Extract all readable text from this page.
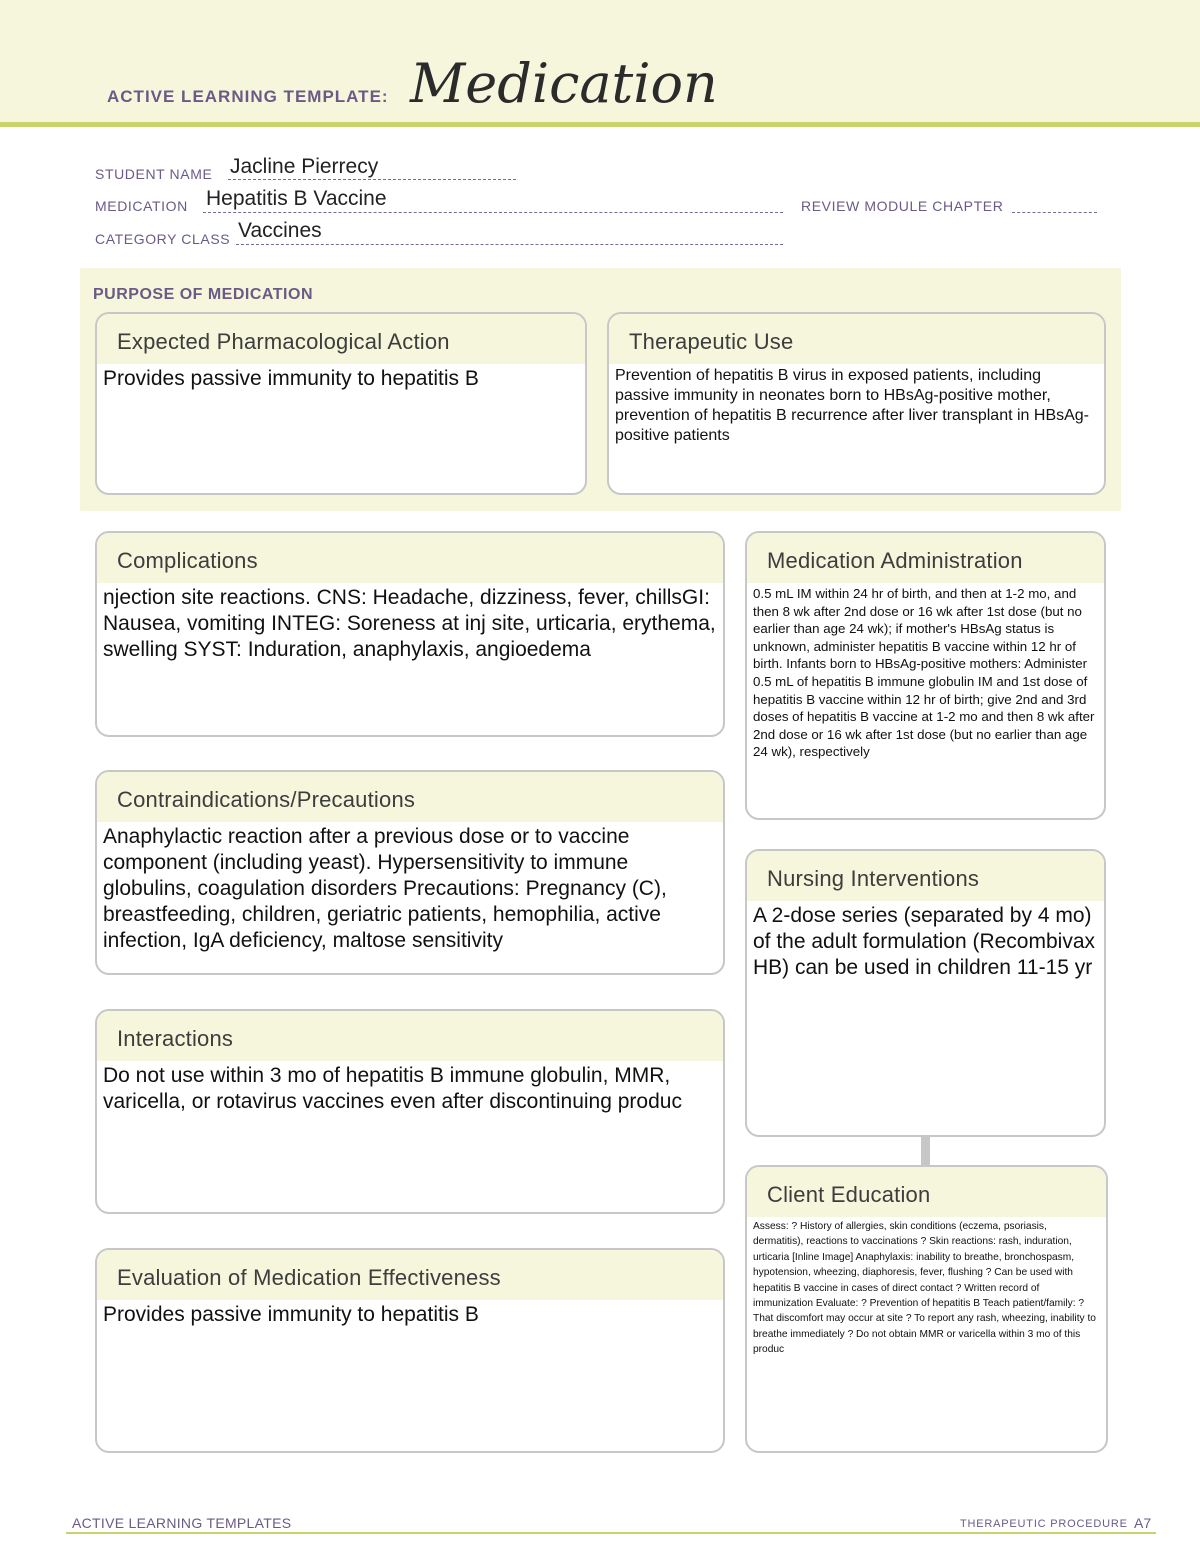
ACTIVE LEARNING TEMPLATE: Medication
STUDENT NAME Jacline Pierrecy
MEDICATION Hepatitis B Vaccine	REVIEW MODULE CHAPTER
CATEGORY CLASS Vaccines
PURPOSE OF MEDICATION
Expected Pharmacological Action
Provides passive immunity to hepatitis B
Therapeutic Use
Prevention of hepatitis B virus in exposed patients, including passive immunity in neonates born to HBsAg-positive mother, prevention of hepatitis B recurrence after liver transplant in HBsAg-positive patients
Complications
njection site reactions. CNS: Headache, dizziness, fever, chillsGI: Nausea, vomiting INTEG: Soreness at inj site, urticaria, erythema, swelling SYST: Induration, anaphylaxis, angioedema
Contraindications/Precautions
Anaphylactic reaction after a previous dose or to vaccine component (including yeast). Hypersensitivity to immune globulins, coagulation disorders Precautions: Pregnancy (C), breastfeeding, children, geriatric patients, hemophilia, active infection, IgA deficiency, maltose sensitivity
Interactions
Do not use within 3 mo of hepatitis B immune globulin, MMR, varicella, or rotavirus vaccines even after discontinuing produc
Evaluation of Medication Effectiveness
Provides passive immunity to hepatitis B
Medication Administration
0.5 mL IM within 24 hr of birth, and then at 1-2 mo, and then 8 wk after 2nd dose or 16 wk after 1st dose (but no earlier than age 24 wk); if mother's HBsAg status is unknown, administer hepatitis B vaccine within 12 hr of birth. Infants born to HBsAg-positive mothers: Administer 0.5 mL of hepatitis B immune globulin IM and 1st dose of hepatitis B vaccine within 12 hr of birth; give 2nd and 3rd doses of hepatitis B vaccine at 1-2 mo and then 8 wk after 2nd dose or 16 wk after 1st dose (but no earlier than age 24 wk), respectively
Nursing Interventions
A 2-dose series (separated by 4 mo) of the adult formulation (Recombivax HB) can be used in children 11-15 yr
Client Education
Assess: ? History of allergies, skin conditions (eczema, psoriasis, dermatitis), reactions to vaccinations ? Skin reactions: rash, induration, urticaria [Inline Image] Anaphylaxis: inability to breathe, bronchospasm, hypotension, wheezing, diaphoresis, fever, flushing ? Can be used with hepatitis B vaccine in cases of direct contact ? Written record of immunization Evaluate: ? Prevention of hepatitis B Teach patient/family: ? That discomfort may occur at site ? To report any rash, wheezing, inability to breathe immediately ? Do not obtain MMR or varicella within 3 mo of this produc
ACTIVE LEARNING TEMPLATES	THERAPEUTIC PROCEDURE A7
